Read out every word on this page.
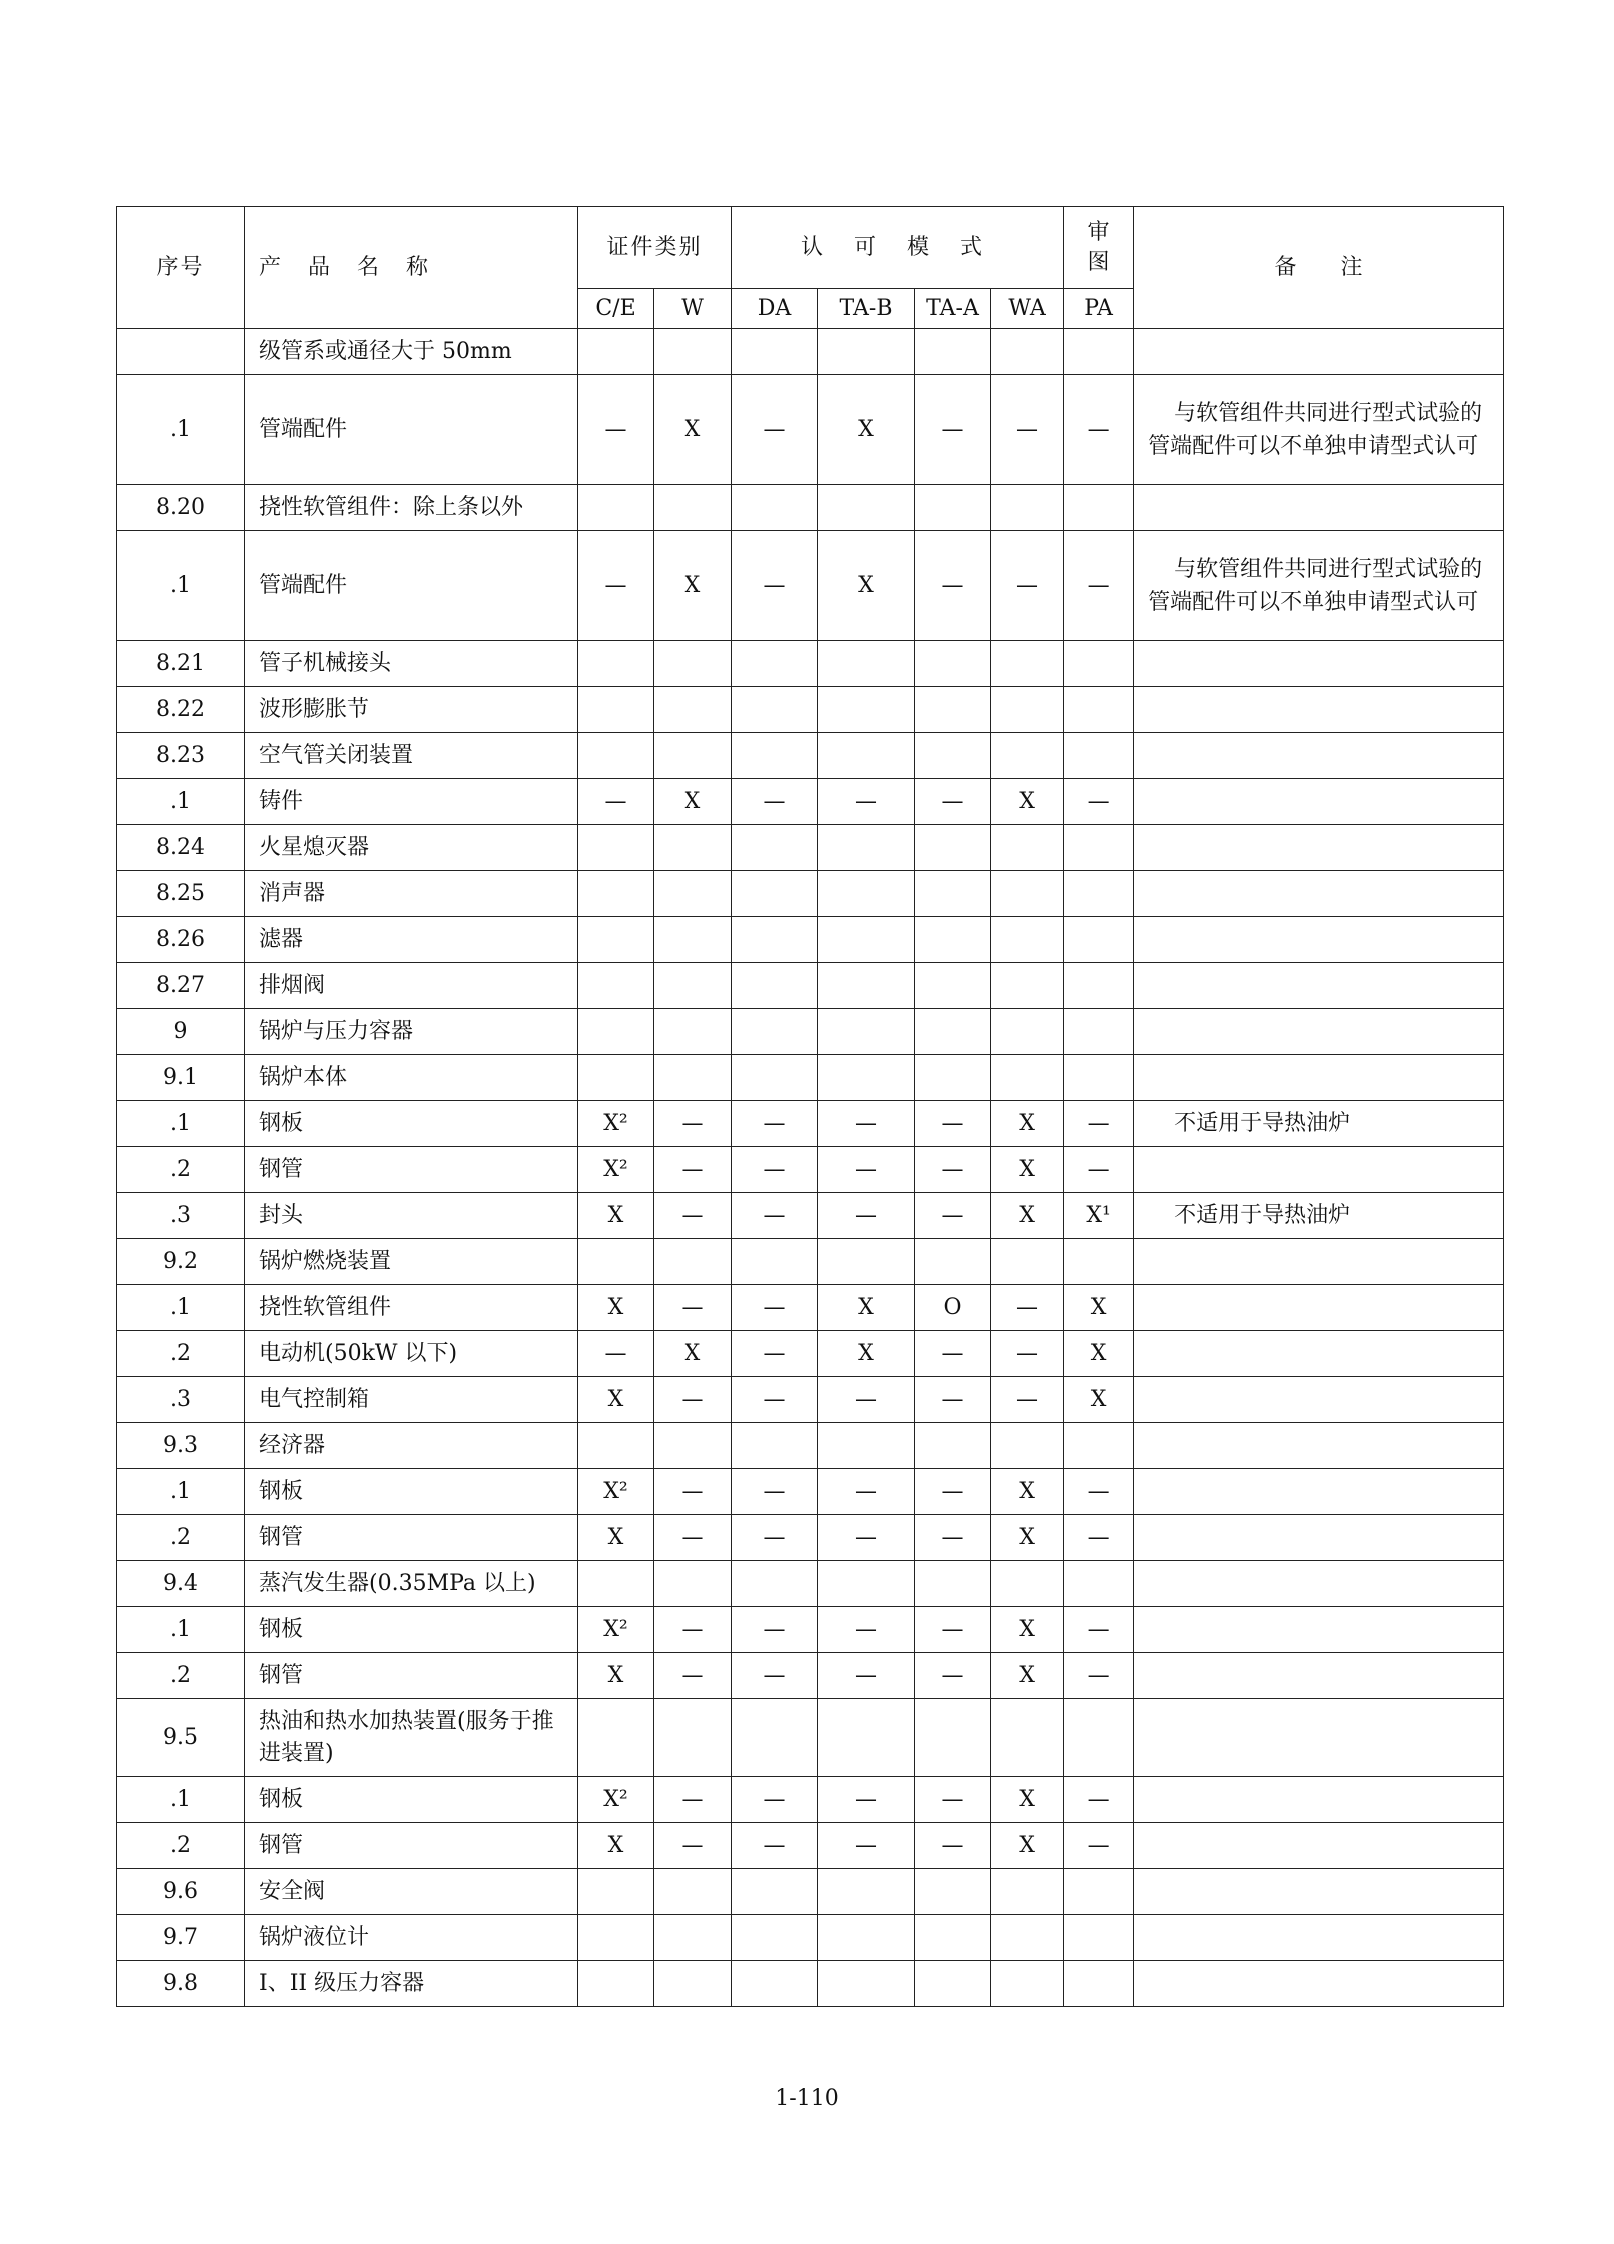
序号	产 品 名 称	证件类别		认 可 模 式				审
图	备　　注
		C/E	W	DA	TA-B	TA-A	WA	PA	
	级管系或通径大于 50mm								
.1	管端配件	—	X	—	X	—	—	—	与软管组件共同进行型式试验的管端配件可以不单独申请型式认可
8.20	挠性软管组件：除上条以外								
.1	管端配件	—	X	—	X	—	—	—	与软管组件共同进行型式试验的管端配件可以不单独申请型式认可
8.21	管子机械接头								
8.22	波形膨胀节								
8.23	空气管关闭装置								
.1	铸件	—	X	—	—	—	X	—	
8.24	火星熄灭器								
8.25	消声器								
8.26	滤器								
8.27	排烟阀								
9	锅炉与压力容器								
9.1	锅炉本体								
.1	钢板	X²	—	—	—	—	X	—	不适用于导热油炉
.2	钢管	X²	—	—	—	—	X	—	
.3	封头	X	—	—	—	—	X	X¹	不适用于导热油炉
9.2	锅炉燃烧装置								
.1	挠性软管组件	X	—	—	X	O	—	X	
.2	电动机(50kW 以下)	—	X	—	X	—	—	X	
.3	电气控制箱	X	—	—	—	—	—	X	
9.3	经济器								
.1	钢板	X²	—	—	—	—	X	—	
.2	钢管	X	—	—	—	—	X	—	
9.4	蒸汽发生器(0.35MPa 以上)								
.1	钢板	X²	—	—	—	—	X	—	
.2	钢管	X	—	—	—	—	X	—	
9.5	热油和热水加热装置(服务于推进装置)								
.1	钢板	X²	—	—	—	—	X	—	
.2	钢管	X	—	—	—	—	X	—	
9.6	安全阀								
9.7	锅炉液位计								
9.8	I、II 级压力容器								
1-110
